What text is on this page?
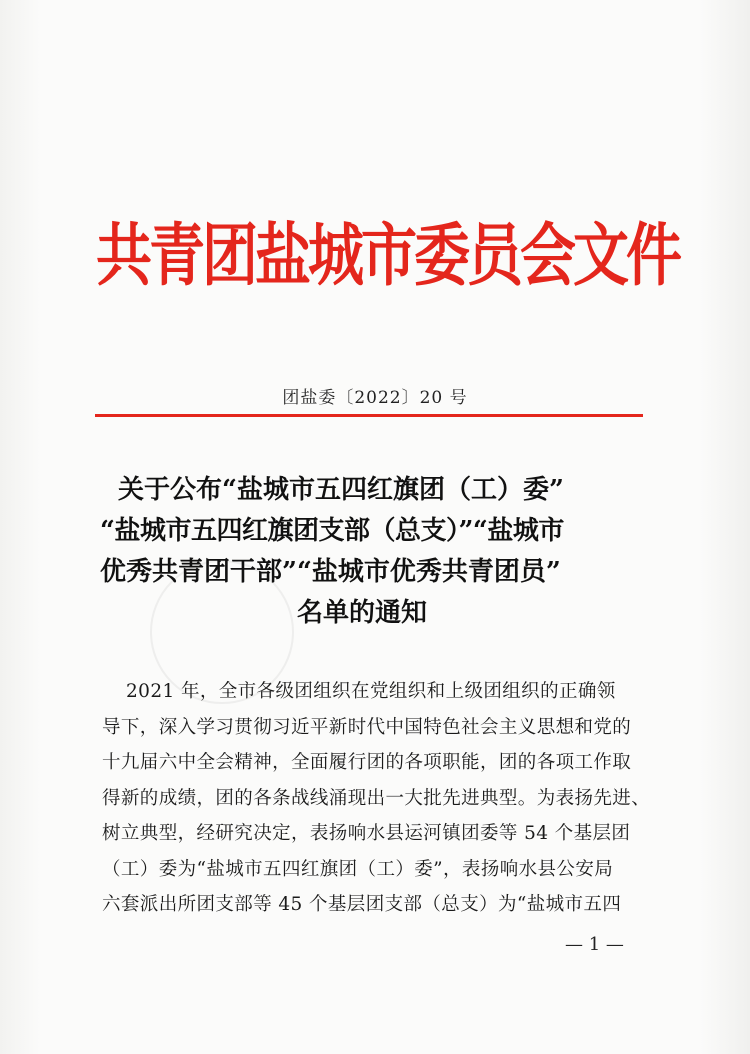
共青团盐城市委员会文件
团盐委〔2022〕20 号
关于公布“盐城市五四红旗团（工）委”
“盐城市五四红旗团支部（总支）”“盐城市
优秀共青团干部”“盐城市优秀共青团员”
名单的通知
2021 年，全市各级团组织在党组织和上级团组织的正确领
导下，深入学习贯彻习近平新时代中国特色社会主义思想和党的
十九届六中全会精神，全面履行团的各项职能，团的各项工作取
得新的成绩，团的各条战线涌现出一大批先进典型。为表扬先进、
树立典型，经研究决定，表扬响水县运河镇团委等 54 个基层团
（工）委为“盐城市五四红旗团（工）委”，表扬响水县公安局
六套派出所团支部等 45 个基层团支部（总支）为“盐城市五四
— 1 —
